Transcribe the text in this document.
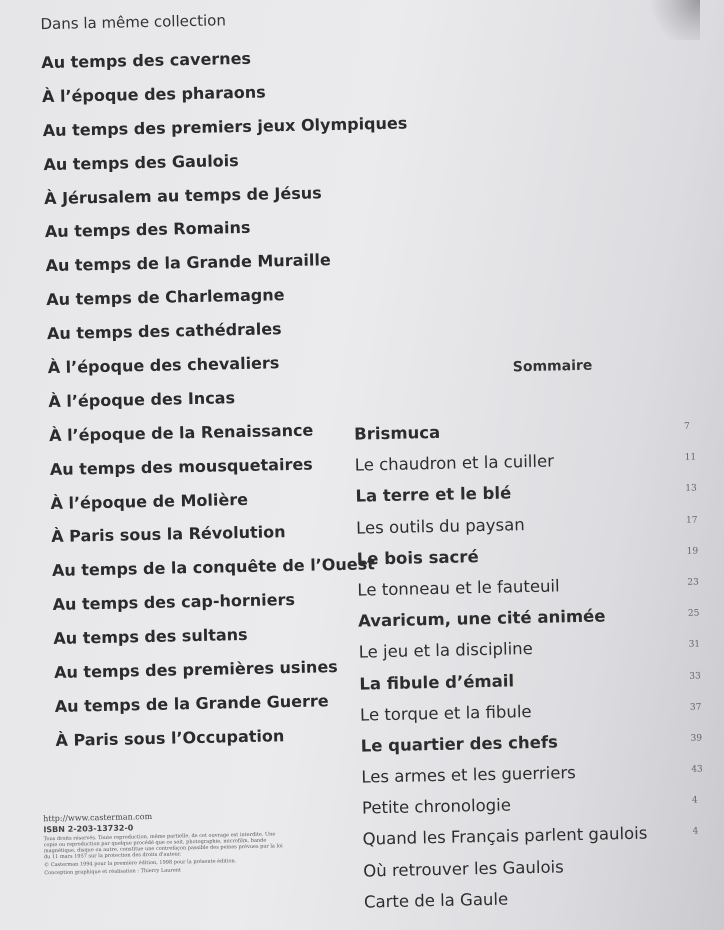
Dans la même collection
Au temps des cavernes
À l’époque des pharaons
Au temps des premiers jeux Olympiques
Au temps des Gaulois
À Jérusalem au temps de Jésus
Au temps des Romains
Au temps de la Grande Muraille
Au temps de Charlemagne
Au temps des cathédrales
À l’époque des chevaliers
À l’époque des Incas
À l’époque de la Renaissance
Au temps des mousquetaires
À l’époque de Molière
À Paris sous la Révolution
Au temps de la conquête de l’Ouest
Au temps des cap-horniers
Au temps des sultans
Au temps des premières usines
Au temps de la Grande Guerre
À Paris sous l’Occupation
Sommaire
Brismuca	7
Le chaudron et la cuiller	11
La terre et le blé	13
Les outils du paysan	17
Le bois sacré	19
Le tonneau et le fauteuil	23
Avaricum, une cité animée	25
Le jeu et la discipline	31
La fibule d’émail	33
Le torque et la fibule	37
Le quartier des chefs	39
Les armes et les guerriers	43
Petite chronologie	4
Quand les Français parlent gaulois	4
Où retrouver les Gaulois
Carte de la Gaule
http://www.casterman.com
ISBN 2-203-13732-0
Tous droits réservés. Toute reproduction, même partielle, de cet ouvrage est interdite. Une copie ou reproduction par quelque procédé que ce soit, photographie, microfilm, bande magnétique, disque ou autre, constitue une contrefaçon passible des peines prévues par la loi du 11 mars 1957 sur la protection des droits d'auteur.
© Casterman 1994 pour la première édition, 1998 pour la présente édition.
Conception graphique et réalisation : Thierry Laurent
